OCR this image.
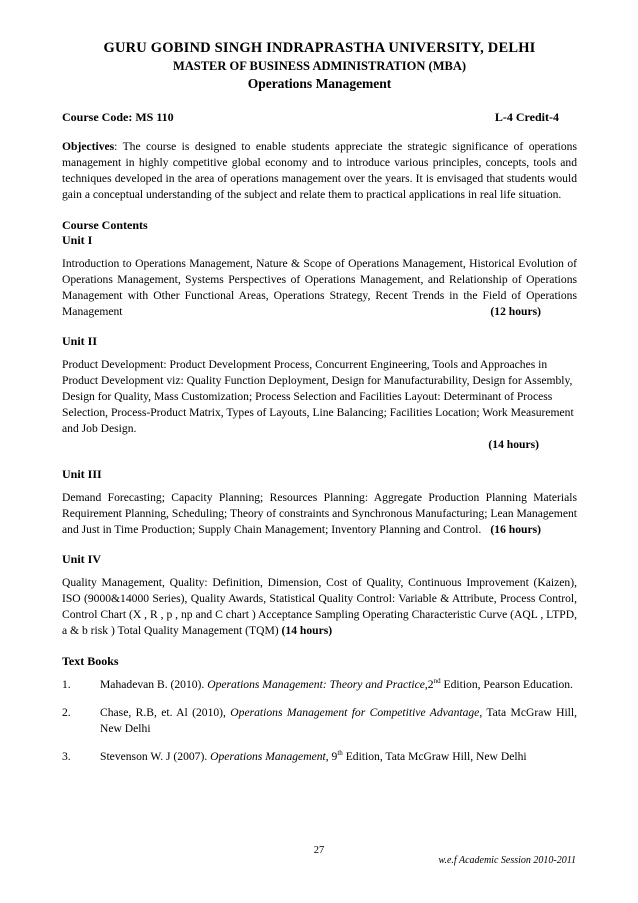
GURU GOBIND SINGH INDRAPRASTHA UNIVERSITY, DELHI
MASTER OF BUSINESS ADMINISTRATION (MBA)
Operations Management
Course Code: MS 110	L-4 Credit-4

Objectives: The course is designed to enable students appreciate the strategic significance of operations management in highly competitive global economy and to introduce various principles, concepts, tools and techniques developed in the area of operations management over the years. It is envisaged that students would gain a conceptual understanding of the subject and relate them to practical applications in real life situation.

Course Contents
Unit I

Introduction to Operations Management, Nature & Scope of Operations Management, Historical Evolution of Operations Management, Systems Perspectives of Operations Management, and Relationship of Operations Management with Other Functional Areas, Operations Strategy, Recent Trends in the Field of Operations Management	(12 hours)

Unit II

Product Development: Product Development Process, Concurrent Engineering, Tools and Approaches in Product Development viz: Quality Function Deployment, Design for Manufacturability, Design for Assembly, Design for Quality, Mass Customization; Process Selection and Facilities Layout: Determinant of Process Selection, Process-Product Matrix, Types of Layouts, Line Balancing; Facilities Location; Work Measurement and Job Design.

(14 hours)
Unit III

Demand Forecasting; Capacity Planning; Resources Planning: Aggregate Production Planning Materials Requirement Planning, Scheduling; Theory of constraints and Synchronous Manufacturing; Lean Management and Just in Time Production; Supply Chain Management; Inventory Planning and Control. (16 hours)

Unit IV

Quality Management, Quality: Definition, Dimension, Cost of Quality, Continuous Improvement (Kaizen), ISO (9000&14000 Series), Quality Awards, Statistical Quality Control: Variable & Attribute, Process Control, Control Chart (X , R , p , np and C chart ) Acceptance Sampling Operating Characteristic Curve (AQL , LTPD, a & b risk ) Total Quality Management (TQM) (14 hours)

Text Books
1.	Mahadevan B. (2010). Operations Management: Theory and Practice,2nd Edition, Pearson Education.
2.	Chase, R.B, et. Al (2010), Operations Management for Competitive Advantage, Tata McGraw Hill, New Delhi
3.	Stevenson W. J (2007). Operations Management, 9th Edition, Tata McGraw Hill, New Delhi
27
w.e.f Academic Session 2010-2011
